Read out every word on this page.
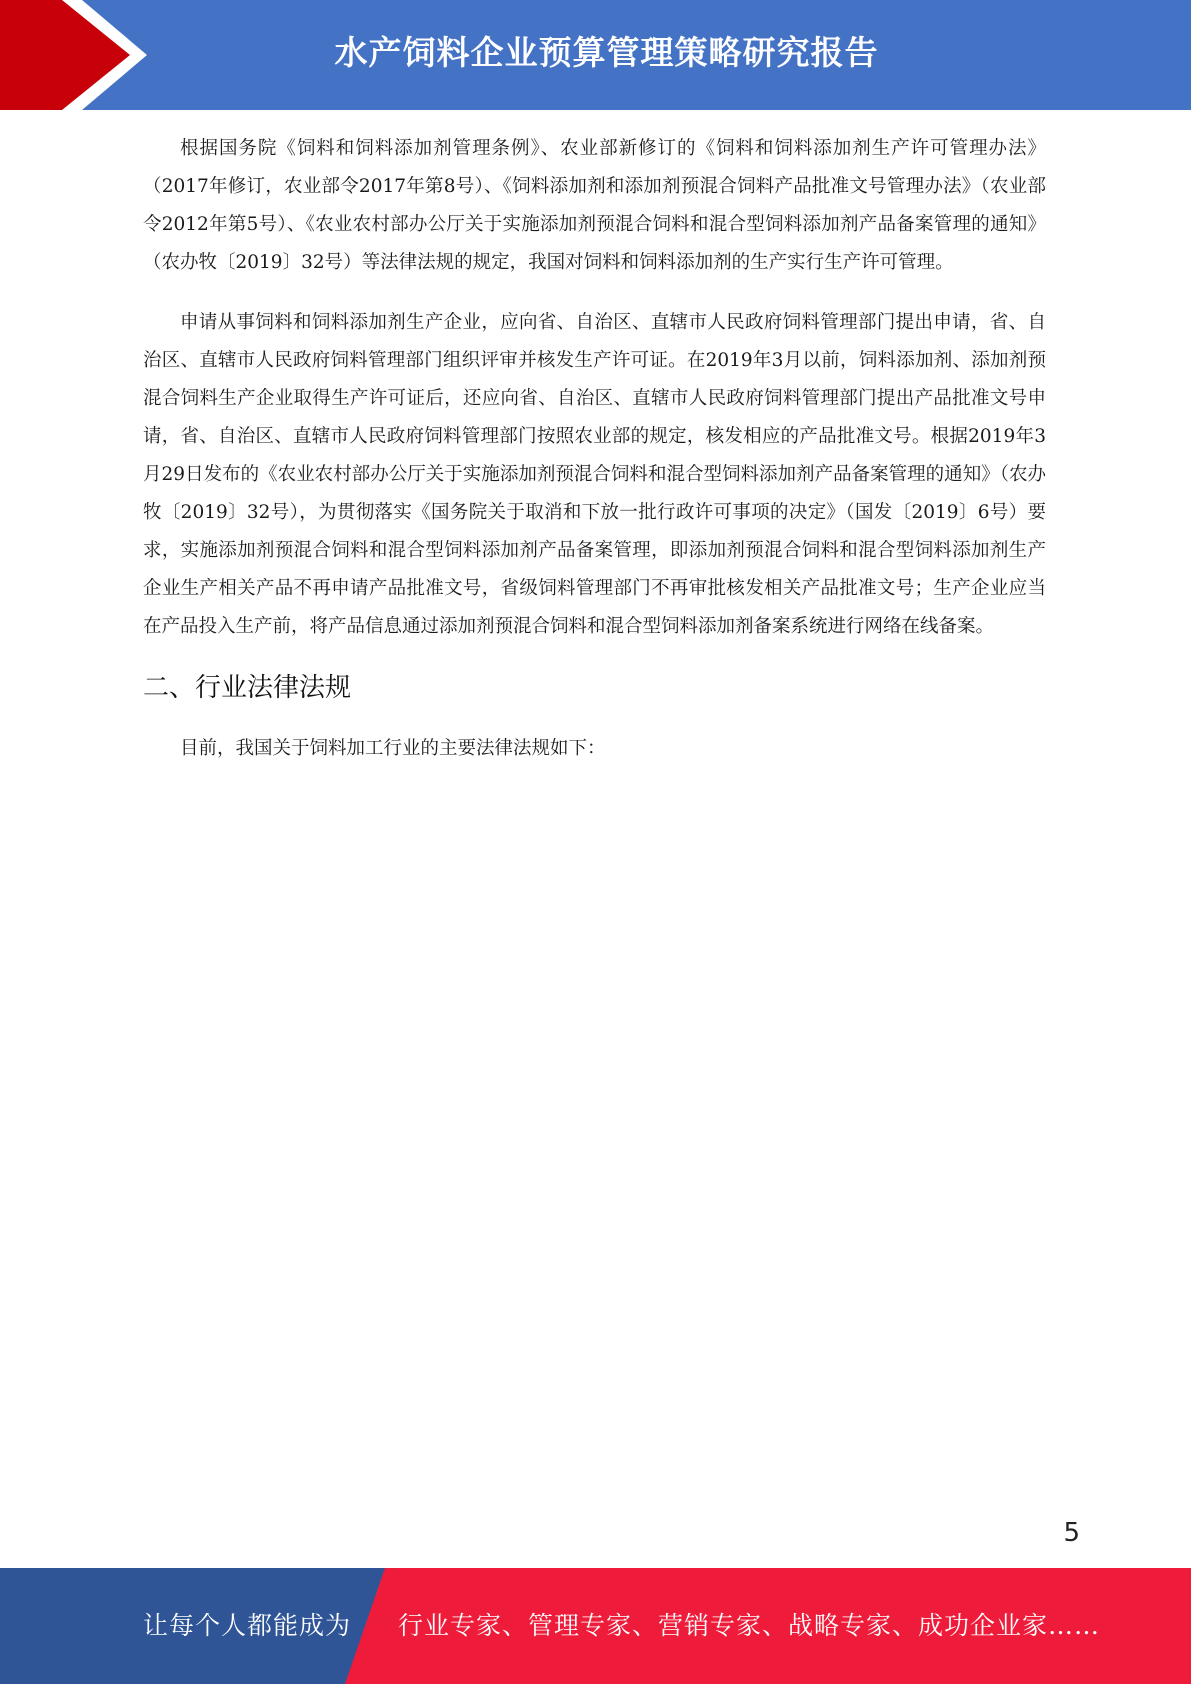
水产饲料企业预算管理策略研究报告

根据国务院《饲料和饲料添加剂管理条例》、农业部新修订的《饲料和饲料添加剂生产许可管理办法》（2017年修订，农业部令2017年第8号）、《饲料添加剂和添加剂预混合饲料产品批准文号管理办法》（农业部令2012年第5号）、《农业农村部办公厅关于实施添加剂预混合饲料和混合型饲料添加剂产品备案管理的通知》（农办牧〔2019〕32号）等法律法规的规定，我国对饲料和饲料添加剂的生产实行生产许可管理。

申请从事饲料和饲料添加剂生产企业，应向省、自治区、直辖市人民政府饲料管理部门提出申请，省、自治区、直辖市人民政府饲料管理部门组织评审并核发生产许可证。在2019年3月以前，饲料添加剂、添加剂预混合饲料生产企业取得生产许可证后，还应向省、自治区、直辖市人民政府饲料管理部门提出产品批准文号申请，省、自治区、直辖市人民政府饲料管理部门按照农业部的规定，核发相应的产品批准文号。根据2019年3月29日发布的《农业农村部办公厅关于实施添加剂预混合饲料和混合型饲料添加剂产品备案管理的通知》（农办牧〔2019〕32号），为贯彻落实《国务院关于取消和下放一批行政许可事项的决定》（国发〔2019〕6号）要求，实施添加剂预混合饲料和混合型饲料添加剂产品备案管理，即添加剂预混合饲料和混合型饲料添加剂生产企业生产相关产品不再申请产品批准文号，省级饲料管理部门不再审批核发相关产品批准文号；生产企业应当在产品投入生产前，将产品信息通过添加剂预混合饲料和混合型饲料添加剂备案系统进行网络在线备案。

二、行业法律法规

目前，我国关于饲料加工行业的主要法律法规如下：

5
让每个人都能成为 行业专家、管理专家、营销专家、战略专家、成功企业家……
